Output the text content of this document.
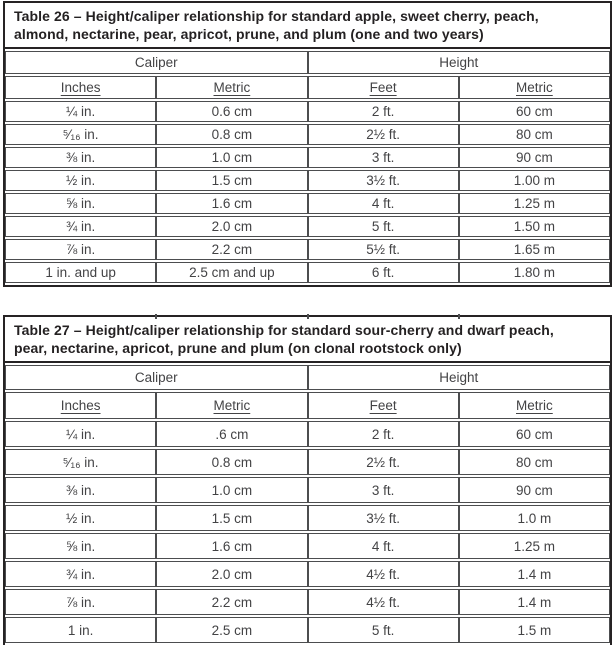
Table 26 – Height/caliper relationship for standard apple, sweet cherry, peach,
almond, nectarine, pear, apricot, prune, and plum (one and two years)
Caliper		Height	
Inches	Metric	Feet	Metric
¼ in.	0.6 cm	2 ft.	60 cm
⁵⁄₁₆ in.	0.8 cm	2½ ft.	80 cm
⅜ in.	1.0 cm	3 ft.	90 cm
½ in.	1.5 cm	3½ ft.	1.00 m
⅝ in.	1.6 cm	4 ft.	1.25 m
¾ in.	2.0 cm	5 ft.	1.50 m
⅞ in.	2.2 cm	5½ ft.	1.65 m
1 in. and up	2.5 cm and up	6 ft.	1.80 m
Table 27 – Height/caliper relationship for standard sour-cherry and dwarf peach,
pear, nectarine, apricot, prune and plum (on clonal rootstock only)
Caliper		Height	
Inches	Metric	Feet	Metric
¼ in.	.6 cm	2 ft.	60 cm
⁵⁄₁₆ in.	0.8 cm	2½ ft.	80 cm
⅜ in.	1.0 cm	3 ft.	90 cm
½ in.	1.5 cm	3½ ft.	1.0 m
⅝ in.	1.6 cm	4 ft.	1.25 m
¾ in.	2.0 cm	4½ ft.	1.4 m
⅞ in.	2.2 cm	4½ ft.	1.4 m
1 in.	2.5 cm	5 ft.	1.5 m
